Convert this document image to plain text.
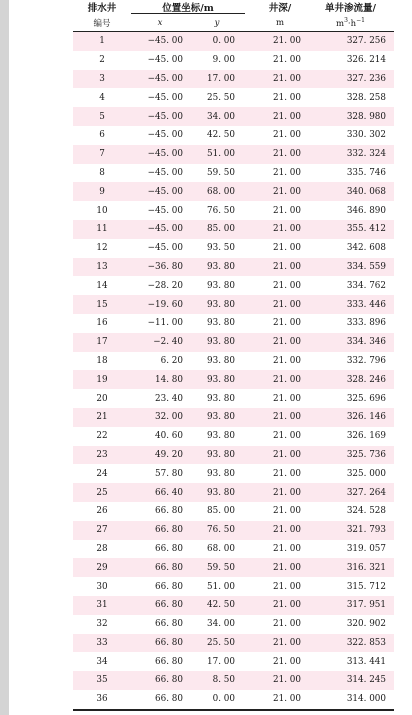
排水井	位置坐标/m	井深/	单井渗流量/
编号	x	y	m	$m^3\cdot h^{-1}$
1	−45. 00	0. 00	21. 00	327. 256
2	−45. 00	9. 00	21. 00	326. 214
3	−45. 00	17. 00	21. 00	327. 236
4	−45. 00	25. 50	21. 00	328. 258
5	−45. 00	34. 00	21. 00	328. 980
6	−45. 00	42. 50	21. 00	330. 302
7	−45. 00	51. 00	21. 00	332. 324
8	−45. 00	59. 50	21. 00	335. 746
9	−45. 00	68. 00	21. 00	340. 068
10	−45. 00	76. 50	21. 00	346. 890
11	−45. 00	85. 00	21. 00	355. 412
12	−45. 00	93. 50	21. 00	342. 608
13	−36. 80	93. 80	21. 00	334. 559
14	−28. 20	93. 80	21. 00	334. 762
15	−19. 60	93. 80	21. 00	333. 446
16	−11. 00	93. 80	21. 00	333. 896
17	−2. 40	93. 80	21. 00	334. 346
18	6. 20	93. 80	21. 00	332. 796
19	14. 80	93. 80	21. 00	328. 246
20	23. 40	93. 80	21. 00	325. 696
21	32. 00	93. 80	21. 00	326. 146
22	40. 60	93. 80	21. 00	326. 169
23	49. 20	93. 80	21. 00	325. 736
24	57. 80	93. 80	21. 00	325. 000
25	66. 40	93. 80	21. 00	327. 264
26	66. 80	85. 00	21. 00	324. 528
27	66. 80	76. 50	21. 00	321. 793
28	66. 80	68. 00	21. 00	319. 057
29	66. 80	59. 50	21. 00	316. 321
30	66. 80	51. 00	21. 00	315. 712
31	66. 80	42. 50	21. 00	317. 951
32	66. 80	34. 00	21. 00	320. 902
33	66. 80	25. 50	21. 00	322. 853
34	66. 80	17. 00	21. 00	313. 441
35	66. 80	8. 50	21. 00	314. 245
36	66. 80	0. 00	21. 00	314. 000
